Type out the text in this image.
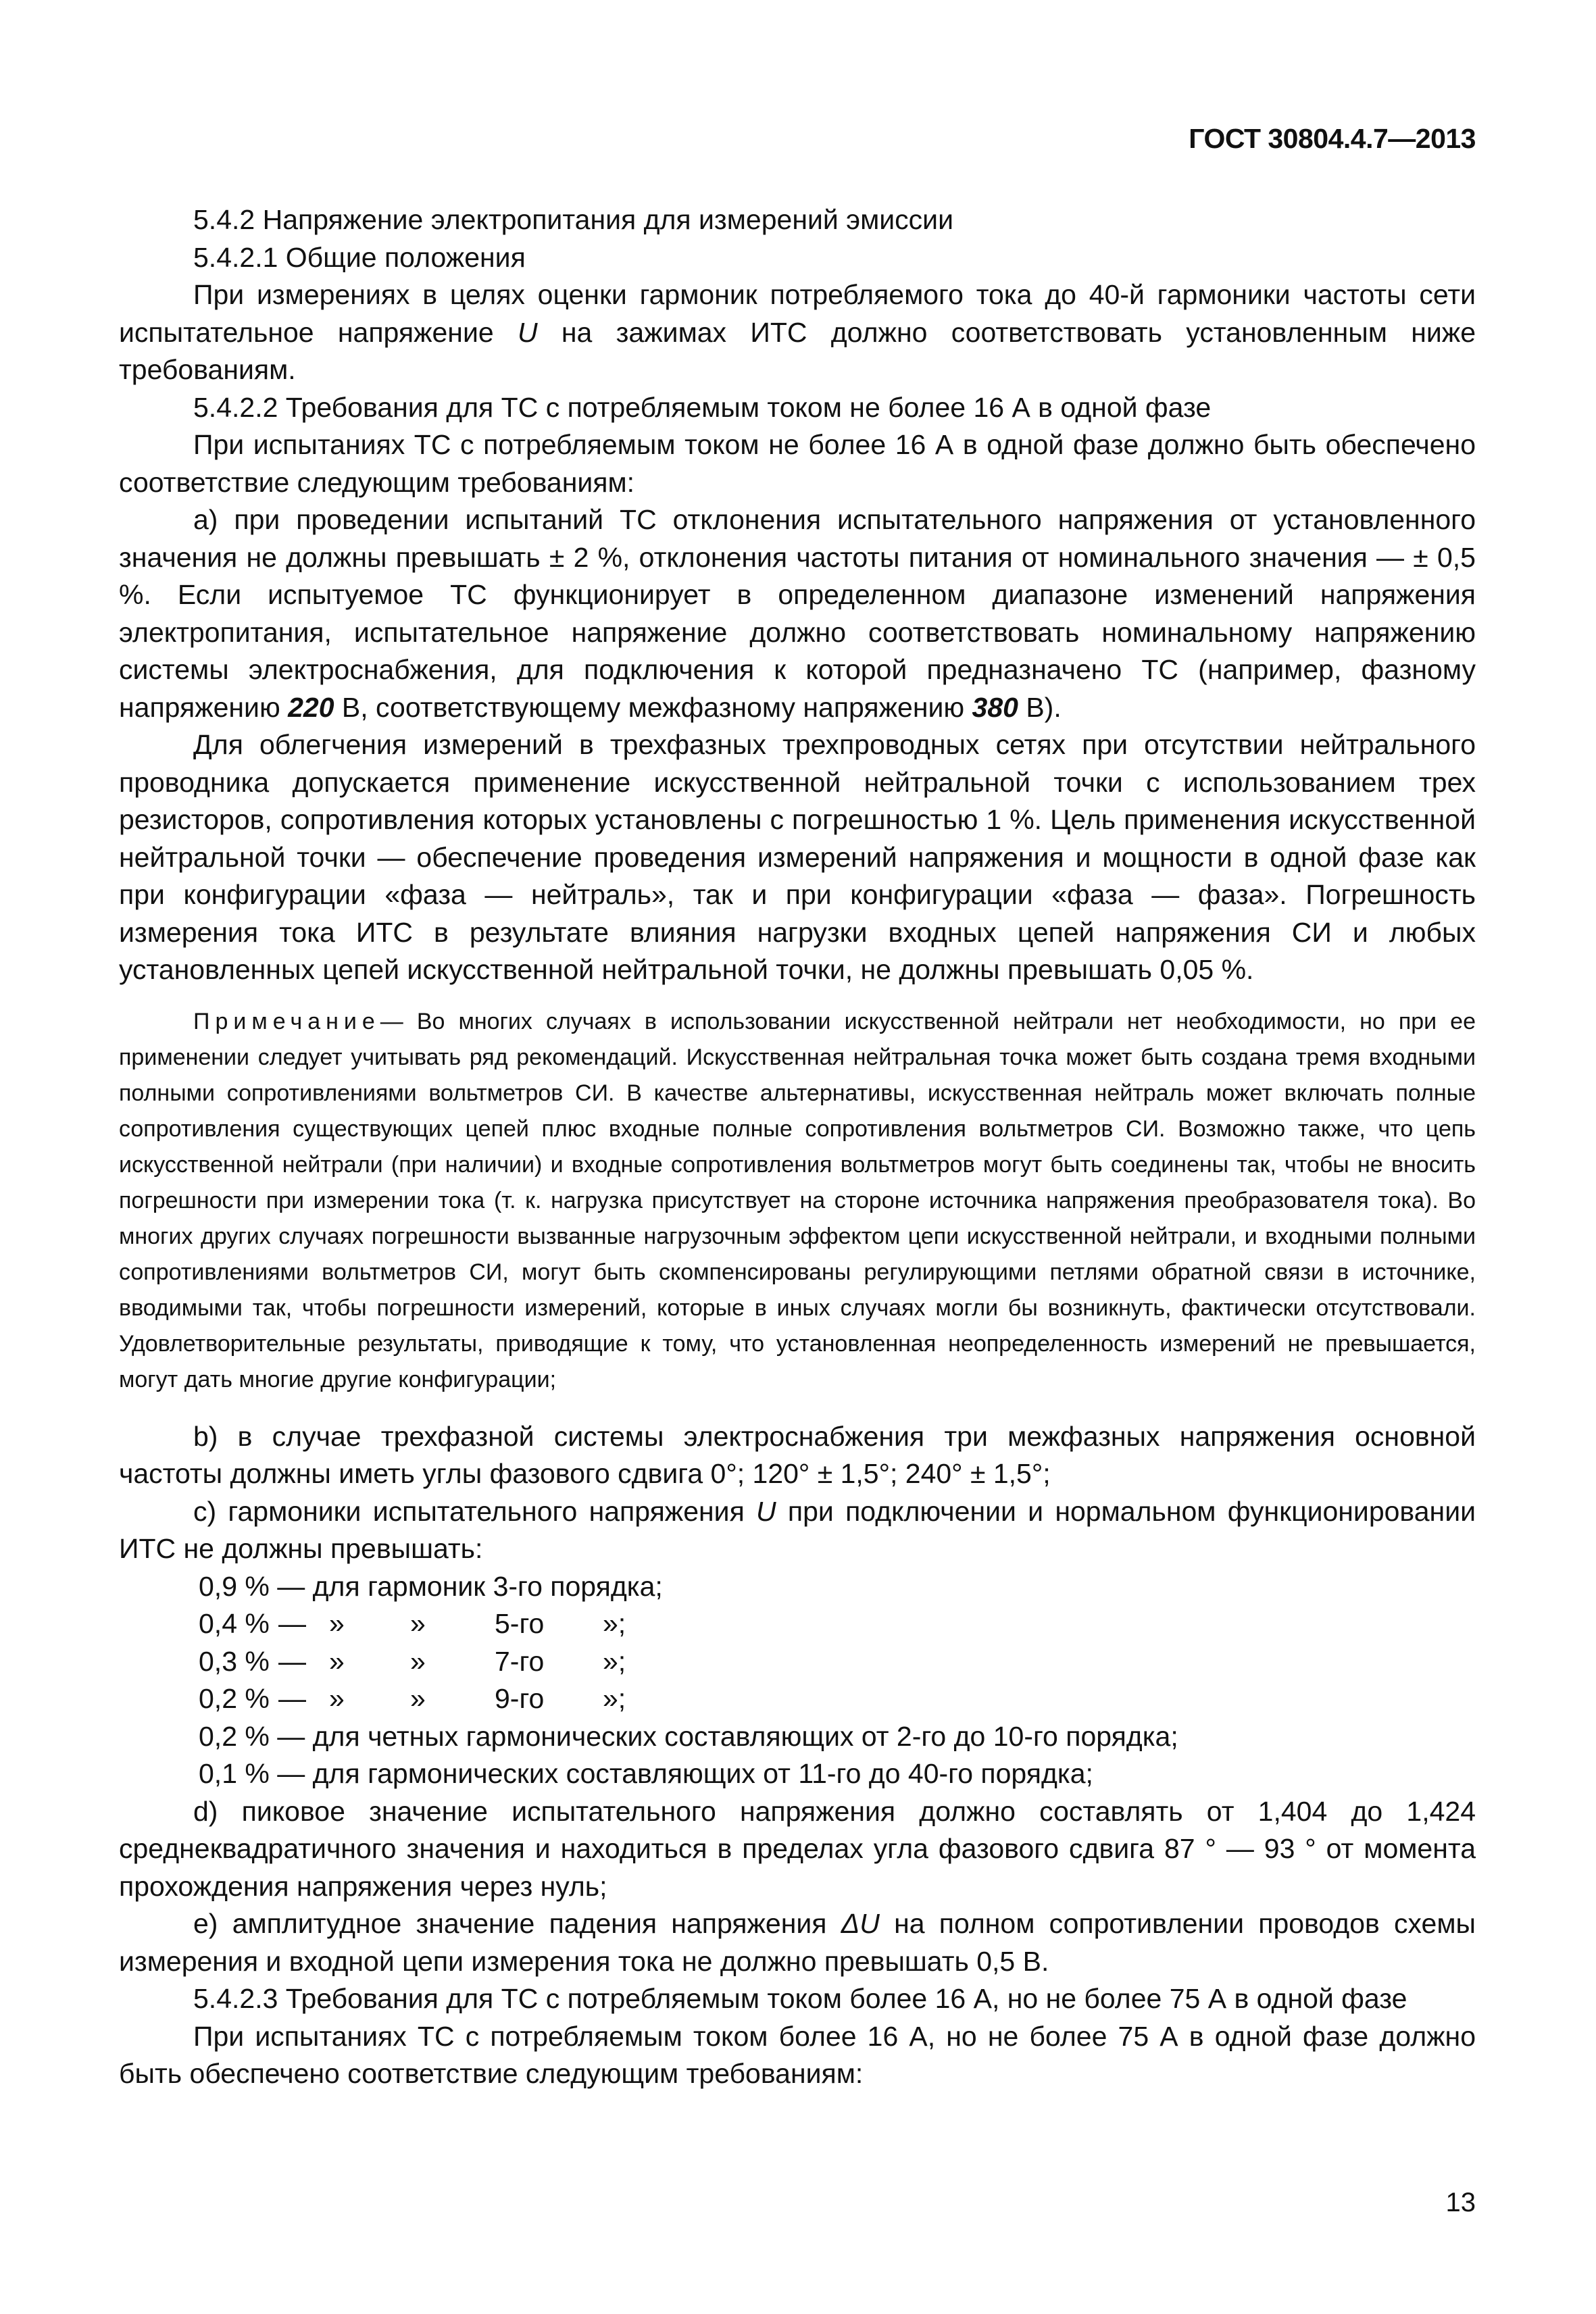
ГОСТ 30804.4.7—2013

5.4.2 Напряжение электропитания для измерений эмиссии

5.4.2.1 Общие положения

При измерениях в целях оценки гармоник потребляемого тока до 40-й гармоники частоты сети испытательное напряжение U на зажимах ИТС должно соответствовать установленным ниже требованиям.

5.4.2.2 Требования для ТС с потребляемым током не более 16 А в одной фазе

При испытаниях ТС с потребляемым током не более 16 А в одной фазе должно быть обеспечено соответствие следующим требованиям:

a) при проведении испытаний ТС отклонения испытательного напряжения от установленного значения не должны превышать ± 2 %, отклонения частоты питания от номинального значения — ± 0,5 %. Если испытуемое ТС функционирует в определенном диапазоне изменений напряжения электропитания, испытательное напряжение должно соответствовать номинальному напряжению системы электроснабжения, для подключения к которой предназначено ТС (например, фазному напряжению 220 В, соответствующему межфазному напряжению 380 В).

Для облегчения измерений в трехфазных трехпроводных сетях при отсутствии нейтрального проводника допускается применение искусственной нейтральной точки с использованием трех резисторов, сопротивления которых установлены с погрешностью 1 %. Цель применения искусственной нейтральной точки — обеспечение проведения измерений напряжения и мощности в одной фазе как при конфигурации «фаза — нейтраль», так и при конфигурации «фаза — фаза». Погрешность измерения тока ИТС в результате влияния нагрузки входных цепей напряжения СИ и любых установленных цепей искусственной нейтральной точки, не должны превышать 0,05 %.

Примечание— Во многих случаях в использовании искусственной нейтрали нет необходимости, но при ее применении следует учитывать ряд рекомендаций. Искусственная нейтральная точка может быть создана тремя входными полными сопротивлениями вольтметров СИ. В качестве альтернативы, искусственная нейтраль может включать полные сопротивления существующих цепей плюс входные полные сопротивления вольтметров СИ. Возможно также, что цепь искусственной нейтрали (при наличии) и входные сопротивления вольтметров могут быть соединены так, чтобы не вносить погрешности при измерении тока (т. к. нагрузка присутствует на стороне источника напряжения преобразователя тока). Во многих других случаях погрешности вызванные нагрузочным эффектом цепи искусственной нейтрали, и входными полными сопротивлениями вольтметров СИ, могут быть скомпенсированы регулирующими петлями обратной связи в источнике, вводимыми так, чтобы погрешности измерений, которые в иных случаях могли бы возникнуть, фактически отсутствовали. Удовлетворительные результаты, приводящие к тому, что установленная неопределенность измерений не превышается, могут дать многие другие конфигурации;

b) в случае трехфазной системы электроснабжения три межфазных напряжения основной частоты должны иметь углы фазового сдвига 0°; 120° ± 1,5°; 240° ± 1,5°;

c) гармоники испытательного напряжения U при подключении и нормальном функционировании ИТС не должны превышать:

0,9 % — для гармоник 3-го порядка;
0,4 % — »	»	5-го	»;
0,3 % — »	»	7-го	»;
0,2 % — »	»	9-го	»;
0,2 % — для четных гармонических составляющих от 2-го до 10-го порядка;
0,1 % — для гармонических составляющих от 11-го до 40-го порядка;

d) пиковое значение испытательного напряжения должно составлять от 1,404 до 1,424 среднеквадратичного значения и находиться в пределах угла фазового сдвига 87 ° — 93 ° от момента прохождения напряжения через нуль;

e) амплитудное значение падения напряжения ΔU на полном сопротивлении проводов схемы измерения и входной цепи измерения тока не должно превышать 0,5 В.

5.4.2.3 Требования для ТС с потребляемым током более 16 А, но не более 75 А в одной фазе

При испытаниях ТС с потребляемым током более 16 А, но не более 75 А в одной фазе должно быть обеспечено соответствие следующим требованиям:

13
